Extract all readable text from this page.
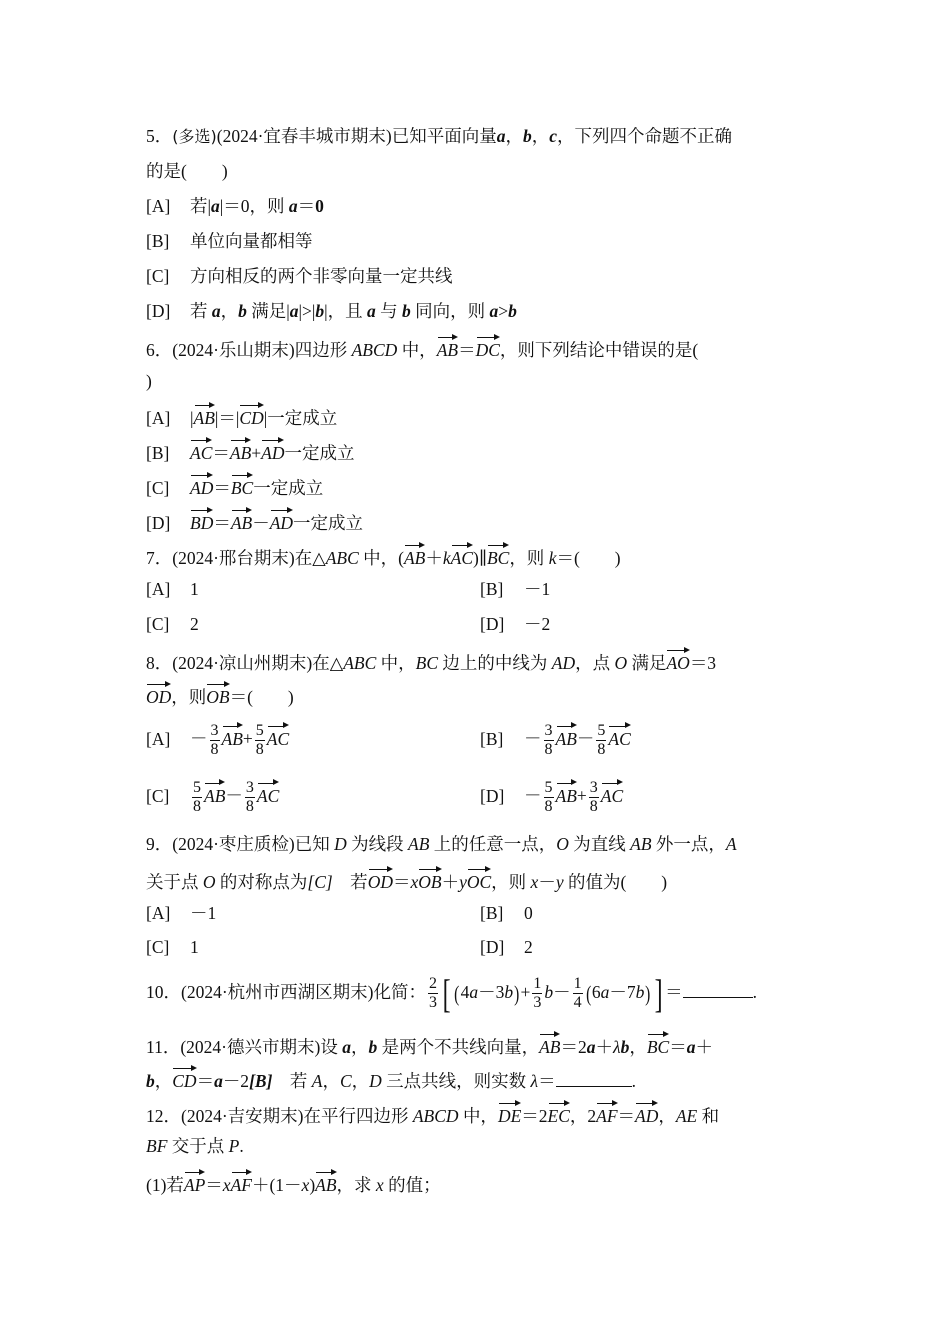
5．(多选)(2024·宜春丰城市期末)已知平面向量a，b，c，下列四个命题不正确
的是(　　)
[A] 若|a|＝0，则 a＝0
[B] 单位向量都相等
[C] 方向相反的两个非零向量一定共线
[D] 若 a，b 满足|a|>|b|，且 a 与 b 同向，则 a>b
6．(2024·乐山期末)四边形 ABCD 中，AB＝DC，则下列结论中错误的是(
)
[A] |AB|＝|CD|一定成立
[B] AC＝AB+AD一定成立
[C] AD＝BC一定成立
[D] BD＝AB－AD一定成立
7．(2024·邢台期末)在△ABC 中，(AB＋kAC)∥BC，则 k＝(　　)
[A] 1	[B] －1
[C] 2	[D] －2
8．(2024·凉山州期末)在△ABC 中，BC 边上的中线为 AD，点 O 满足AO＝3
OD，则OB＝(　　)
$[A] - \frac{3}{8} AB+ \frac{5}{8}$ AC	$[B] - \frac{3}{8} AB- \frac{5}{8}$ AC
$[C] \frac{5}{8} AB- \frac{3}{8}$ AC	$[D] - \frac{5}{8} AB+ \frac{3}{8}$ AC
9．(2024·枣庄质检)已知 D 为线段 AB 上的任意一点，O 为直线 AB 外一点，A
关于点 O 的对称点为[C]　若OD＝xOB＋yOC，则 x－y 的值为(　　)
[A] －1	[B] 0
[C] 1	[D] 2
10．(2024·杭州市西湖区期末)化简： $\frac{2}{3}$ [ $(4a-3b)+ \frac{1}{3} b- \frac{1}{4} (6a-7b)$] ＝	.
11．(2024·德兴市期末)设 a，b 是两个不共线向量，AB＝2a＋λb，BC＝a＋
b，CD＝a－2[B]　若 A，C，D 三点共线，则实数 λ＝	.
12．(2024·吉安期末)在平行四边形 ABCD 中，DE＝2EC，2AF＝AD，AE 和
BF 交于点 P.
(1)若AP＝xAF＋(1－x)AB，求 x 的值；
